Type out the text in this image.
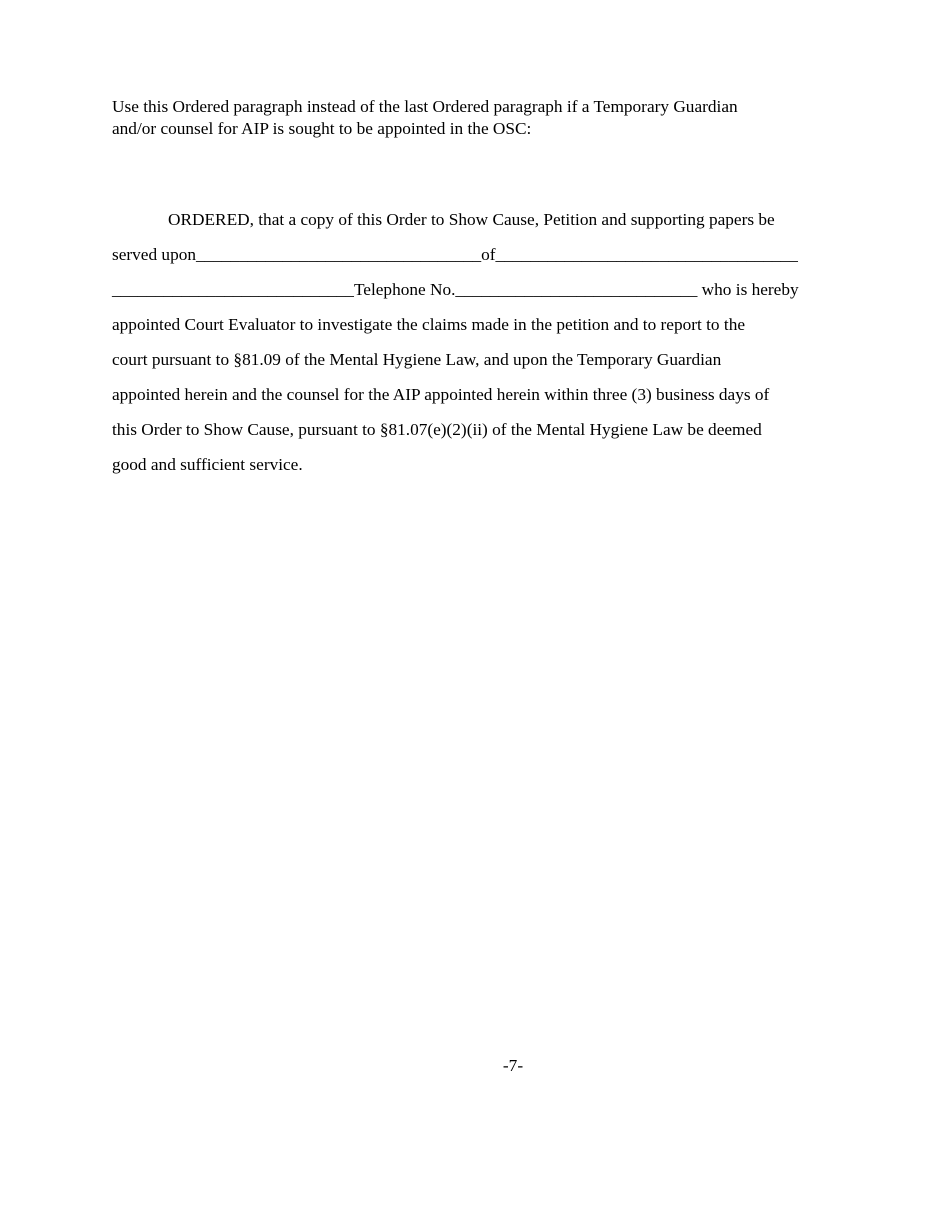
Use this Ordered paragraph instead of the last Ordered paragraph if a Temporary Guardian
and/or counsel for AIP is sought to be appointed in the OSC:

ORDERED, that a copy of this Order to Show Cause, Petition and supporting papers be
served upon_________________________________of___________________________________
____________________________Telephone No.____________________________ who is hereby
appointed Court Evaluator to investigate the claims made in the petition and to report to the
court pursuant to §81.09 of the Mental Hygiene Law, and upon the Temporary Guardian
appointed herein and the counsel for the AIP appointed herein within three (3) business days of
this Order to Show Cause, pursuant to §81.07(e)(2)(ii) of the Mental Hygiene Law be deemed
good and sufficient service.

-7-
